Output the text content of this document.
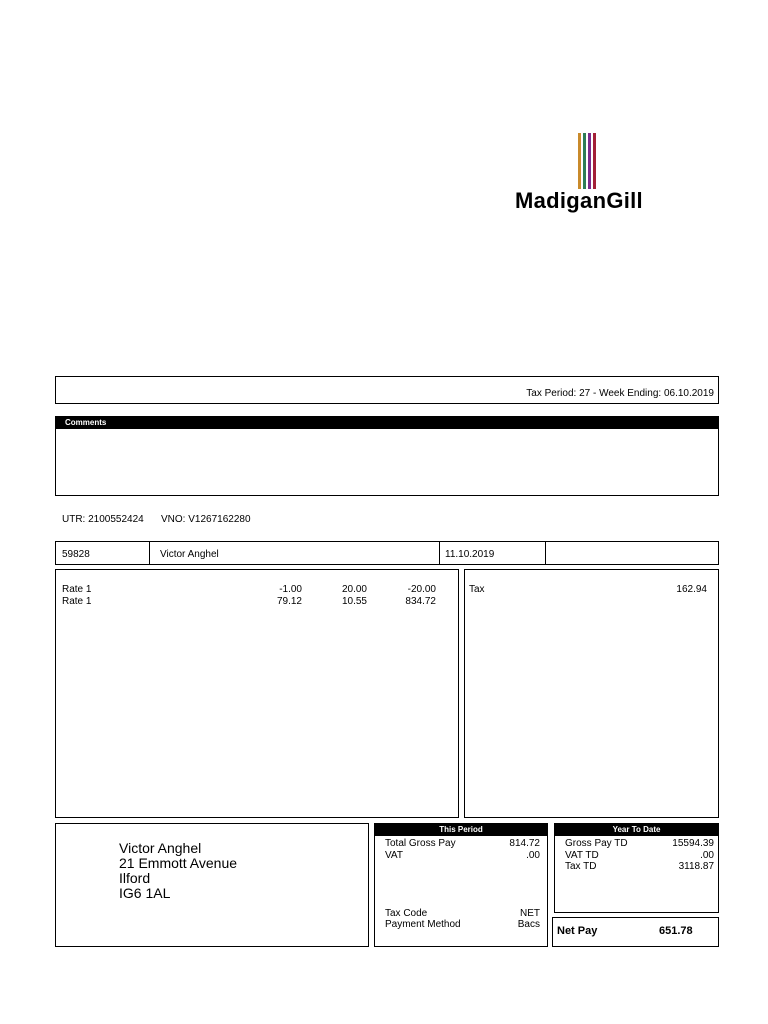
MadiganGill
Tax Period: 27 - Week Ending: 06.10.2019
Comments
UTR: 2100552424 VNO: V1267162280
Contractor No	Contractor Name	Process Date	VAT Number
59828	Victor Anghel	11.10.2019
Payments	Units	Rate	Amount
Rate 1	-1.00	20.00	-20.00
Rate 1	79.12	10.55	834.72
Deductions	Amount
Tax	162.94
Victor Anghel
21 Emmott Avenue
Ilford
IG6 1AL
This Period
Total Gross Pay	814.72
VAT	.00
Tax Code	NET
Payment Method	Bacs
Year To Date
Gross Pay TD	15594.39
VAT TD	.00
Tax TD	3118.87
Net Pay	651.78
